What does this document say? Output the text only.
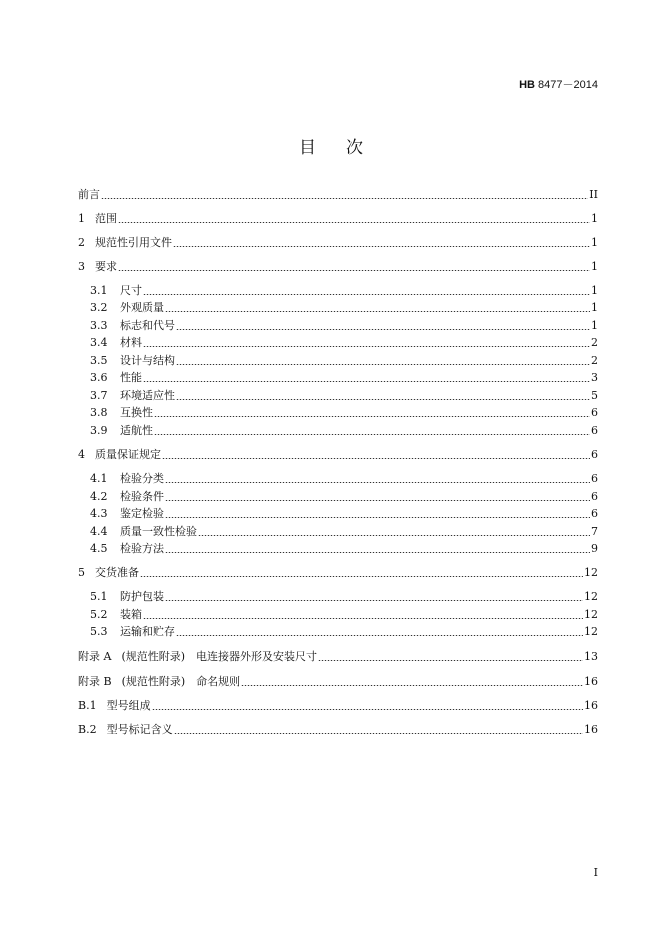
HB 8477－2014
目次
前言	II
1 范围	1
2 规范性引用文件	1
3 要求	1
3.1 尺寸	1
3.2 外观质量	1
3.3 标志和代号	1
3.4 材料	2
3.5 设计与结构	2
3.6 性能	3
3.7 环境适应性	5
3.8 互换性	6
3.9 适航性	6
4 质量保证规定	6
4.1 检验分类	6
4.2 检验条件	6
4.3 鉴定检验	6
4.4 质量一致性检验	7
4.5 检验方法	9
5 交货准备	12
5.1 防护包装	12
5.2 装箱	12
5.3 运输和贮存	12
附录 A (规范性附录)　电连接器外形及安装尺寸	13
附录 B (规范性附录)　命名规则	16
B.1 型号组成	16
B.2 型号标记含义	16
I
